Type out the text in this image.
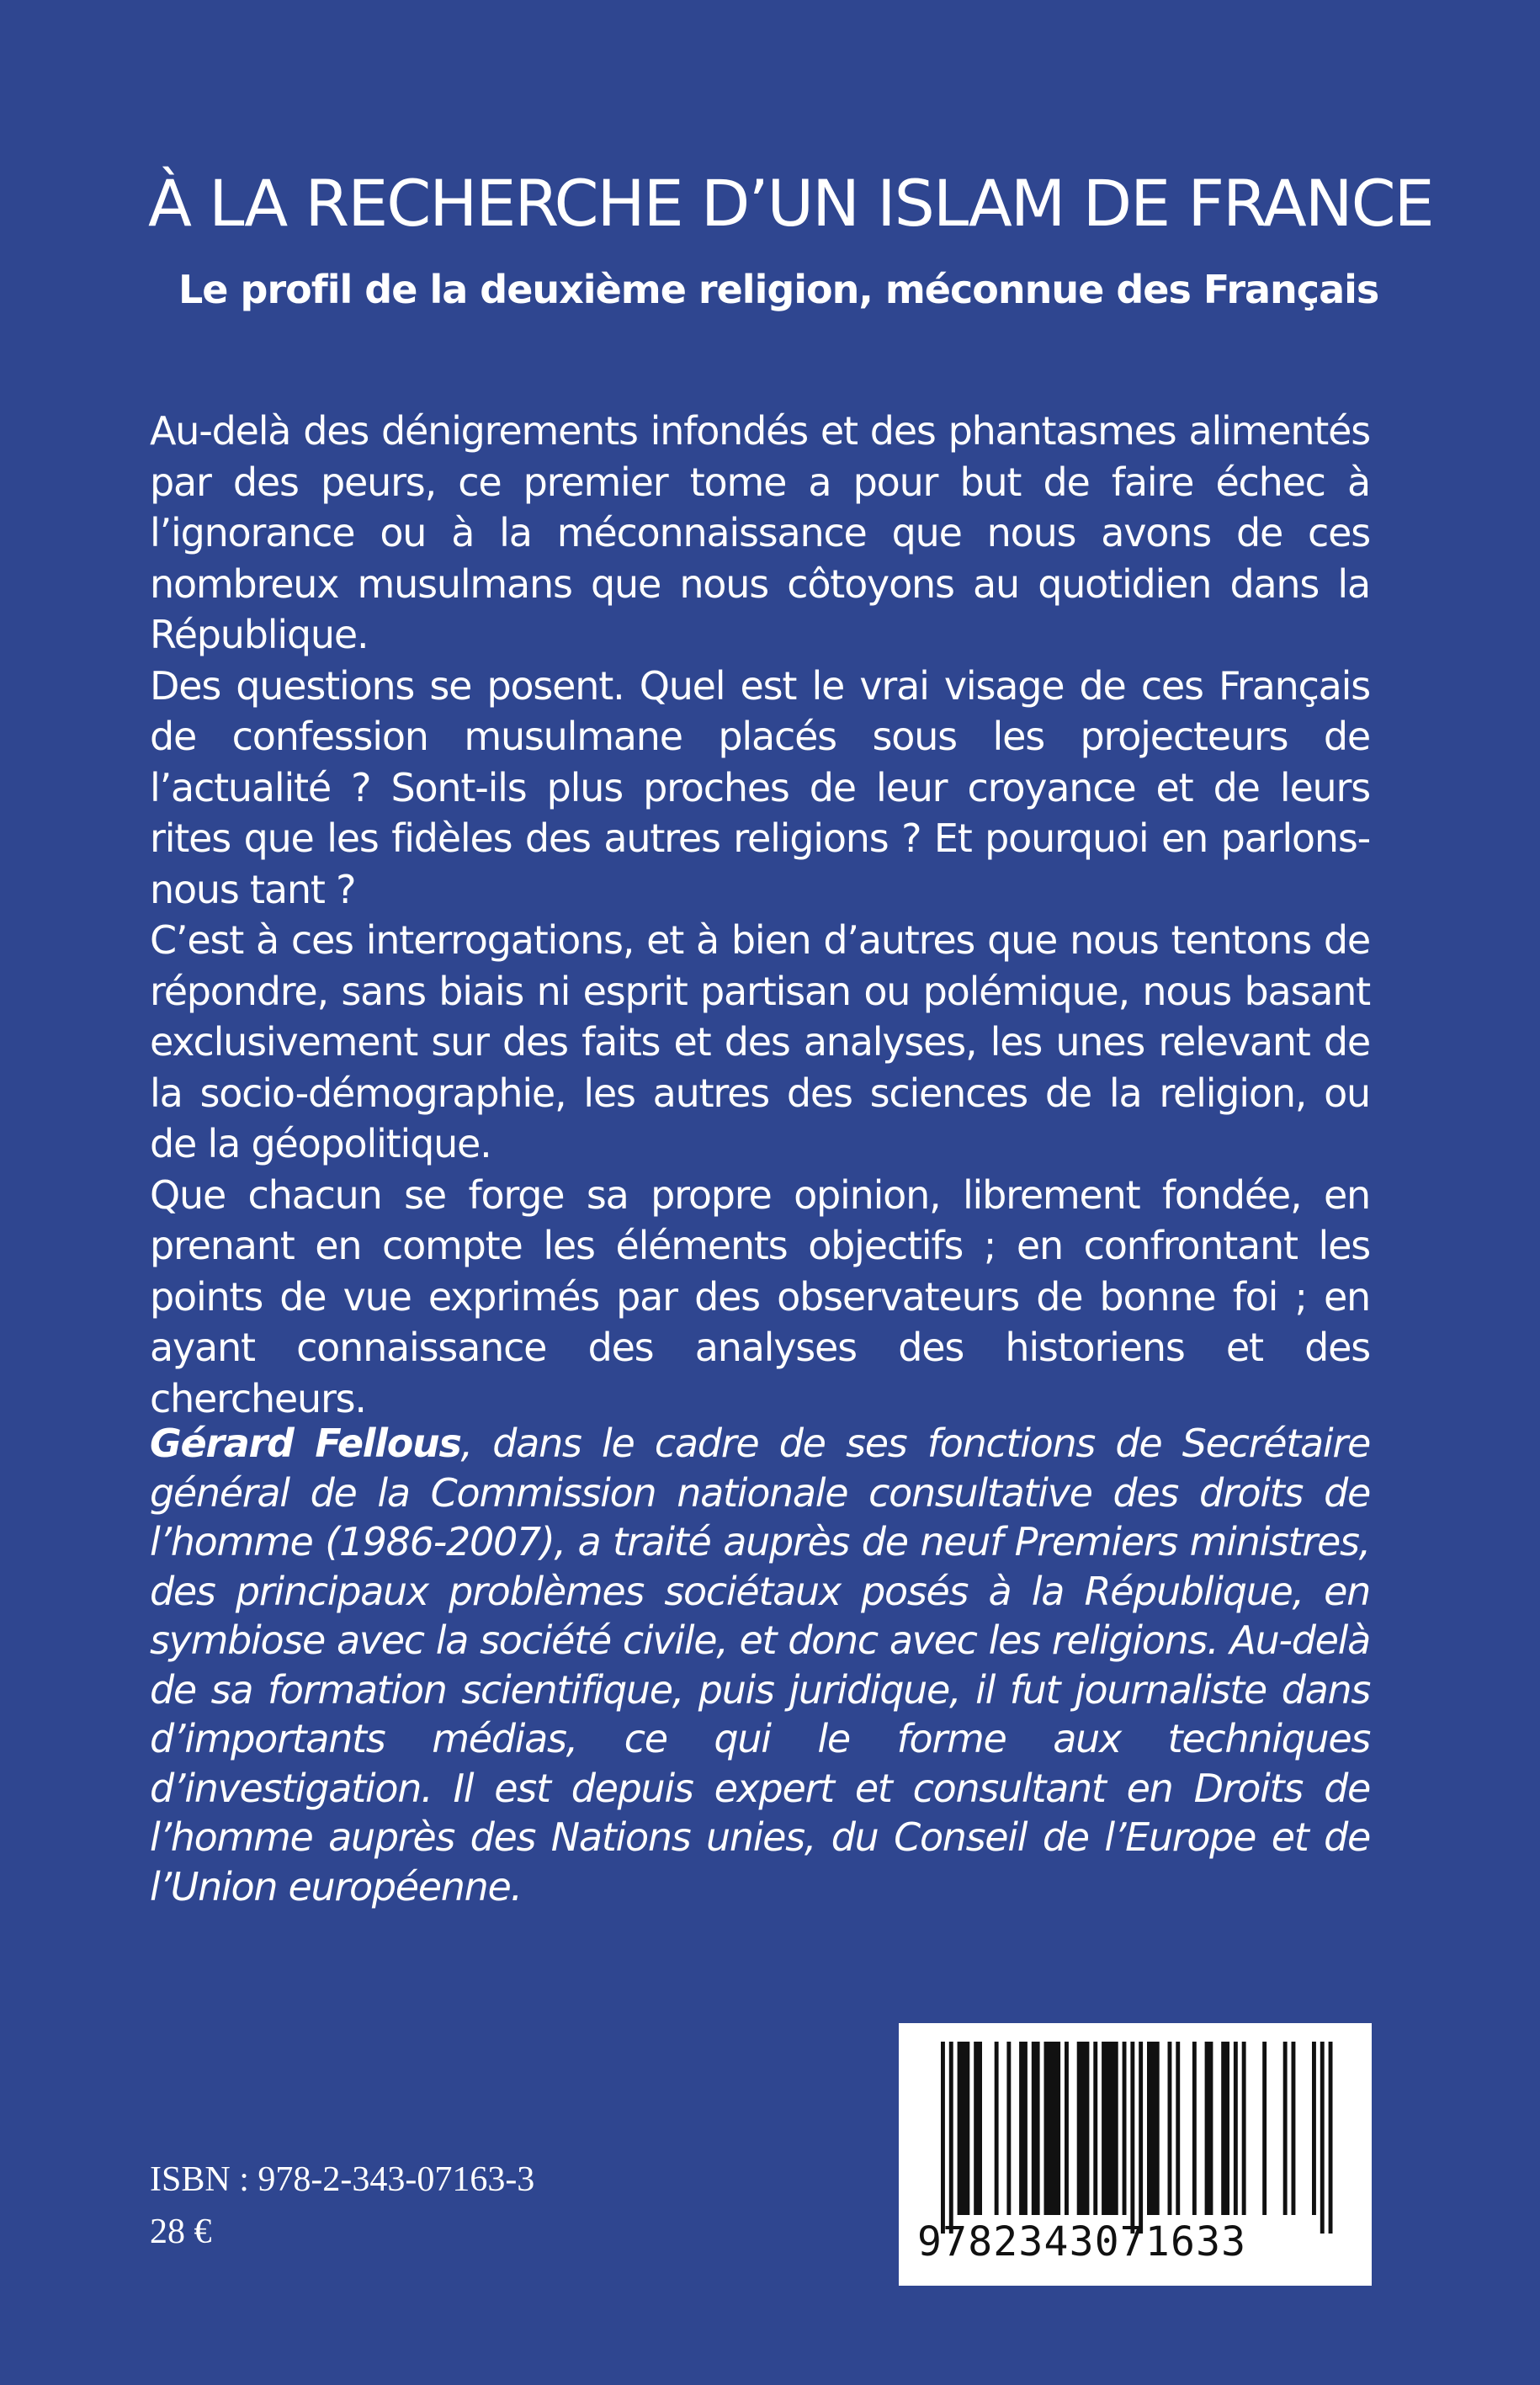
À LA RECHERCHE D’UN ISLAM DE FRANCE
Le profil de la deuxième religion, méconnue des Français

Au-delà des dénigrements infondés et des phantasmes alimentés par des peurs, ce premier tome a pour but de faire échec à l’ignorance ou à la méconnaissance que nous avons de ces nombreux musulmans que nous côtoyons au quotidien dans la République.

Des questions se posent. Quel est le vrai visage de ces Français de confession musulmane placés sous les projecteurs de l’actualité ? Sont-ils plus proches de leur croyance et de leurs rites que les fidèles des autres religions ? Et pourquoi en parlons-nous tant ?

C’est à ces interrogations, et à bien d’autres que nous tentons de répondre, sans biais ni esprit partisan ou polémique, nous basant exclusivement sur des faits et des analyses, les unes relevant de la socio-démographie, les autres des sciences de la religion, ou de la géopolitique.

Que chacun se forge sa propre opinion, librement fondée, en prenant en compte les éléments objectifs ; en confrontant les points de vue exprimés par des observateurs de bonne foi ; en ayant connaissance des analyses des historiens et des chercheurs.

Gérard Fellous, dans le cadre de ses fonctions de Secrétaire général de la Commission nationale consultative des droits de l’homme (1986-2007), a traité auprès de neuf Premiers ministres, des principaux problèmes sociétaux posés à la République, en symbiose avec la société civile, et donc avec les religions. Au-delà de sa formation scientifique, puis juridique, il fut journaliste dans d’importants médias, ce qui le forme aux techniques d’investigation. Il est depuis expert et consultant en Droits de l’homme auprès des Nations unies, du Conseil de l’Europe et de l’Union européenne.

ISBN : 978-2-343-07163-3
28 €	9782343071633
